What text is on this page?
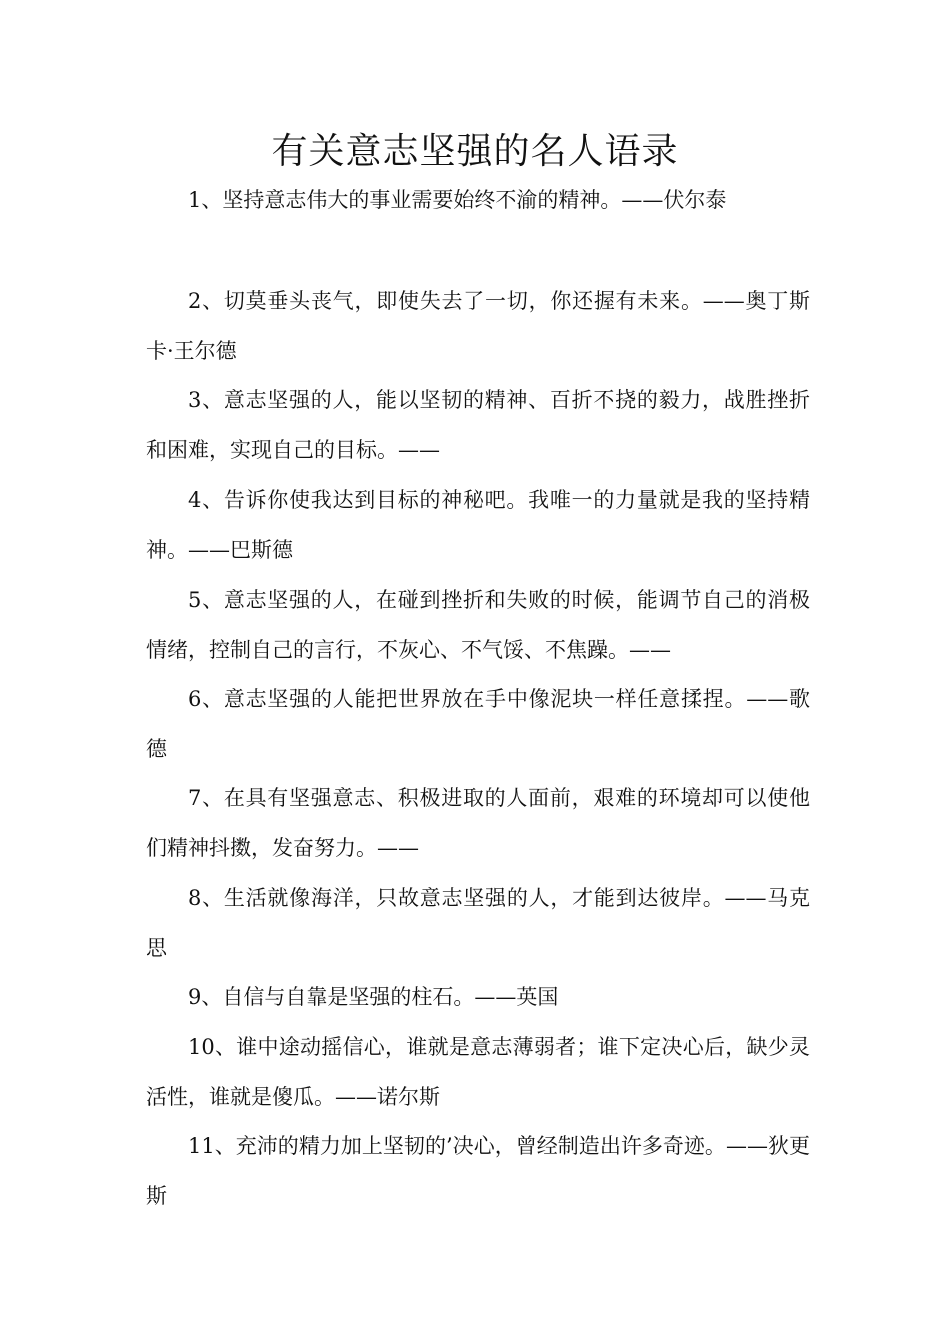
有关意志坚强的名人语录

1、坚持意志伟大的事业需要始终不渝的精神。——伏尔泰

2、切莫垂头丧气，即使失去了一切，你还握有未来。——奥丁斯卡·王尔德

3、意志坚强的人，能以坚韧的精神、百折不挠的毅力，战胜挫折和困难，实现自己的目标。——

4、告诉你使我达到目标的神秘吧。我唯一的力量就是我的坚持精神。——巴斯德

5、意志坚强的人，在碰到挫折和失败的时候，能调节自己的消极情绪，控制自己的言行，不灰心、不气馁、不焦躁。——

6、意志坚强的人能把世界放在手中像泥块一样任意揉捏。——歌德

7、在具有坚强意志、积极进取的人面前，艰难的环境却可以使他们精神抖擞，发奋努力。——

8、生活就像海洋，只故意志坚强的人，才能到达彼岸。——马克思

9、自信与自靠是坚强的柱石。——英国

10、谁中途动摇信心，谁就是意志薄弱者；谁下定决心后，缺少灵活性，谁就是傻瓜。——诺尔斯

11、充沛的精力加上坚韧的’决心，曾经制造出许多奇迹。——狄更斯
